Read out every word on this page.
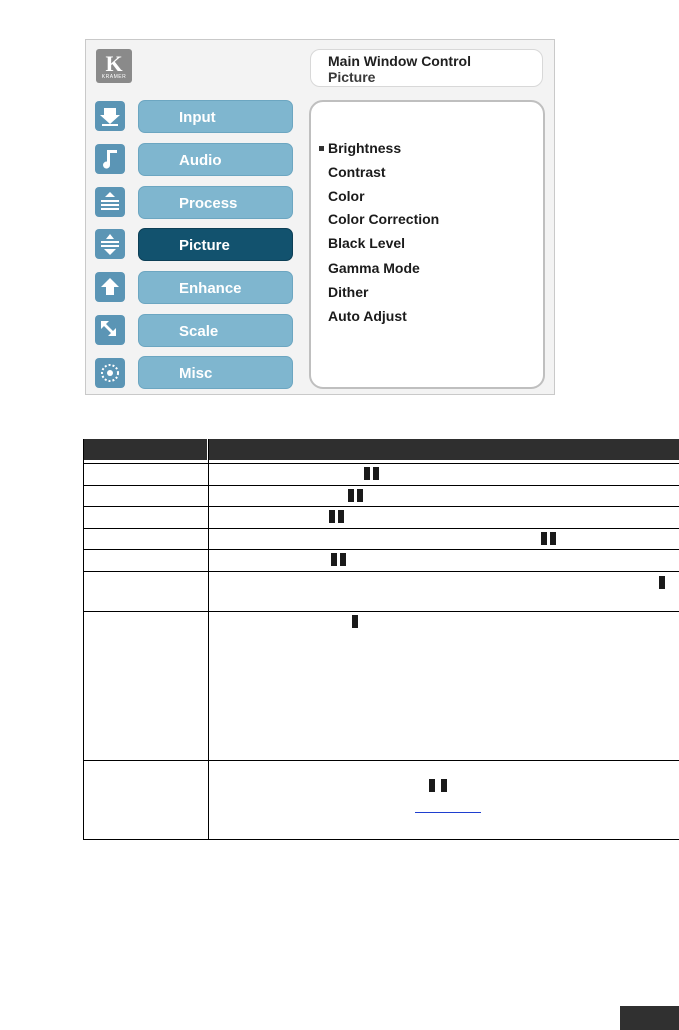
K
KRAMER
Main Window Control
Picture
Input
Audio
Process
Picture
Enhance
Scale
Misc
Brightness
Contrast
Color
Color Correction
Black Level
Gamma Mode
Dither
Auto Adjust
